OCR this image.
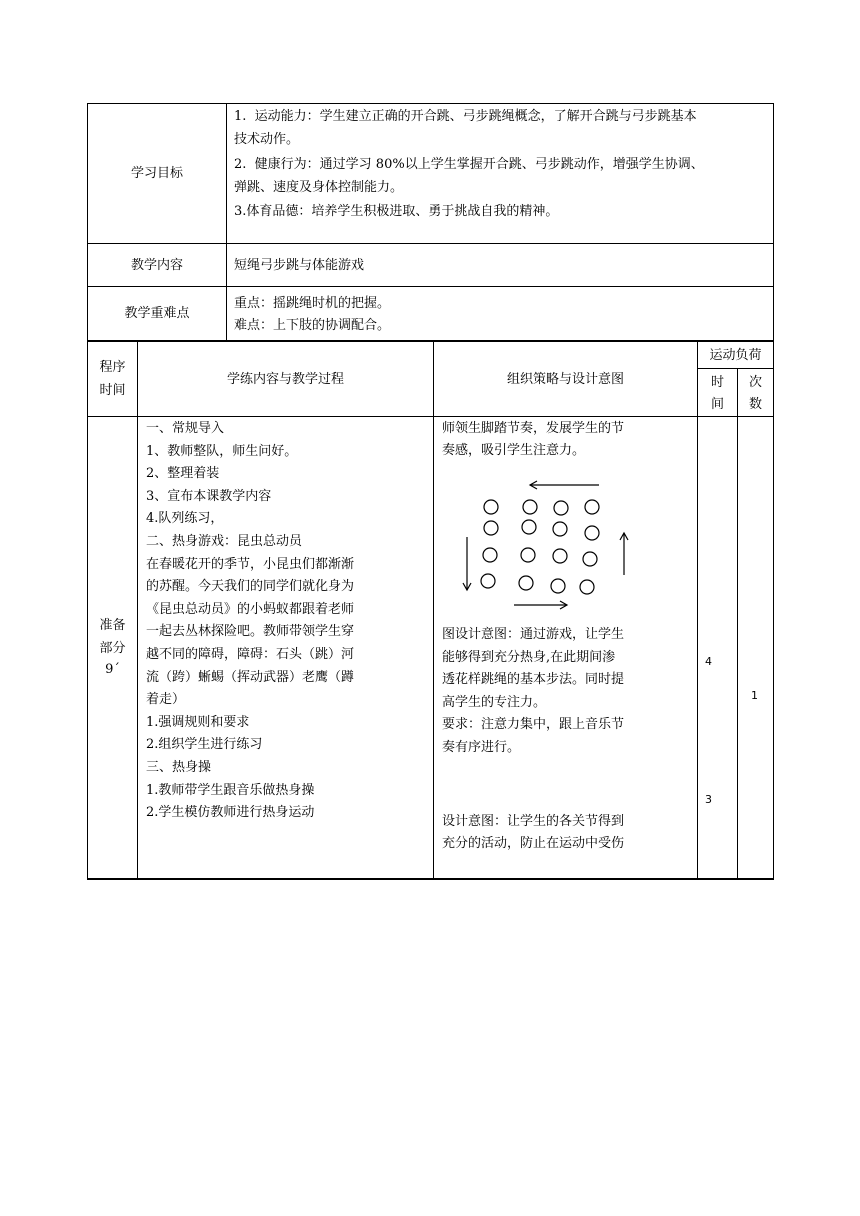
学习目标
1.  运动能力：学生建立正确的开合跳、弓步跳绳概念，了解开合跳与弓步跳基本
技术动作。
2.  健康行为：通过学习 80%以上学生掌握开合跳、弓步跳动作，增强学生协调、
弹跳、速度及身体控制能力。
3.体育品德：培养学生积极进取、勇于挑战自我的精神。
教学内容	短绳弓步跳与体能游戏
教学重难点
重点：摇跳绳时机的把握。
难点：上下肢的协调配合。
程序
时间
学练内容与教学过程	组织策略与设计意图
运动负荷
时
间
次
数
准备
部分
9´
一、常规导入
1、教师整队，师生问好。
2、整理着装
3、宣布本课教学内容
4.队列练习，
二、热身游戏：昆虫总动员
在春暖花开的季节，小昆虫们都渐渐
的苏醒。今天我们的同学们就化身为
《昆虫总动员》的小蚂蚁都跟着老师
一起去丛林探险吧。教师带领学生穿
越不同的障碍，障碍：石头（跳）河
流（跨）蜥蜴（挥动武器）老鹰（蹲
着走）
1.强调规则和要求
2.组织学生进行练习
三、热身操
1.教师带学生跟音乐做热身操
2.学生模仿教师进行热身运动
师领生脚踏节奏，发展学生的节
奏感，吸引学生注意力。
图设计意图：通过游戏，让学生
能够得到充分热身,在此期间渗
透花样跳绳的基本步法。同时提
高学生的专注力。
要求：注意力集中，跟上音乐节
奏有序进行。
设计意图：让学生的各关节得到
充分的活动，防止在运动中受伤
4
3
1
